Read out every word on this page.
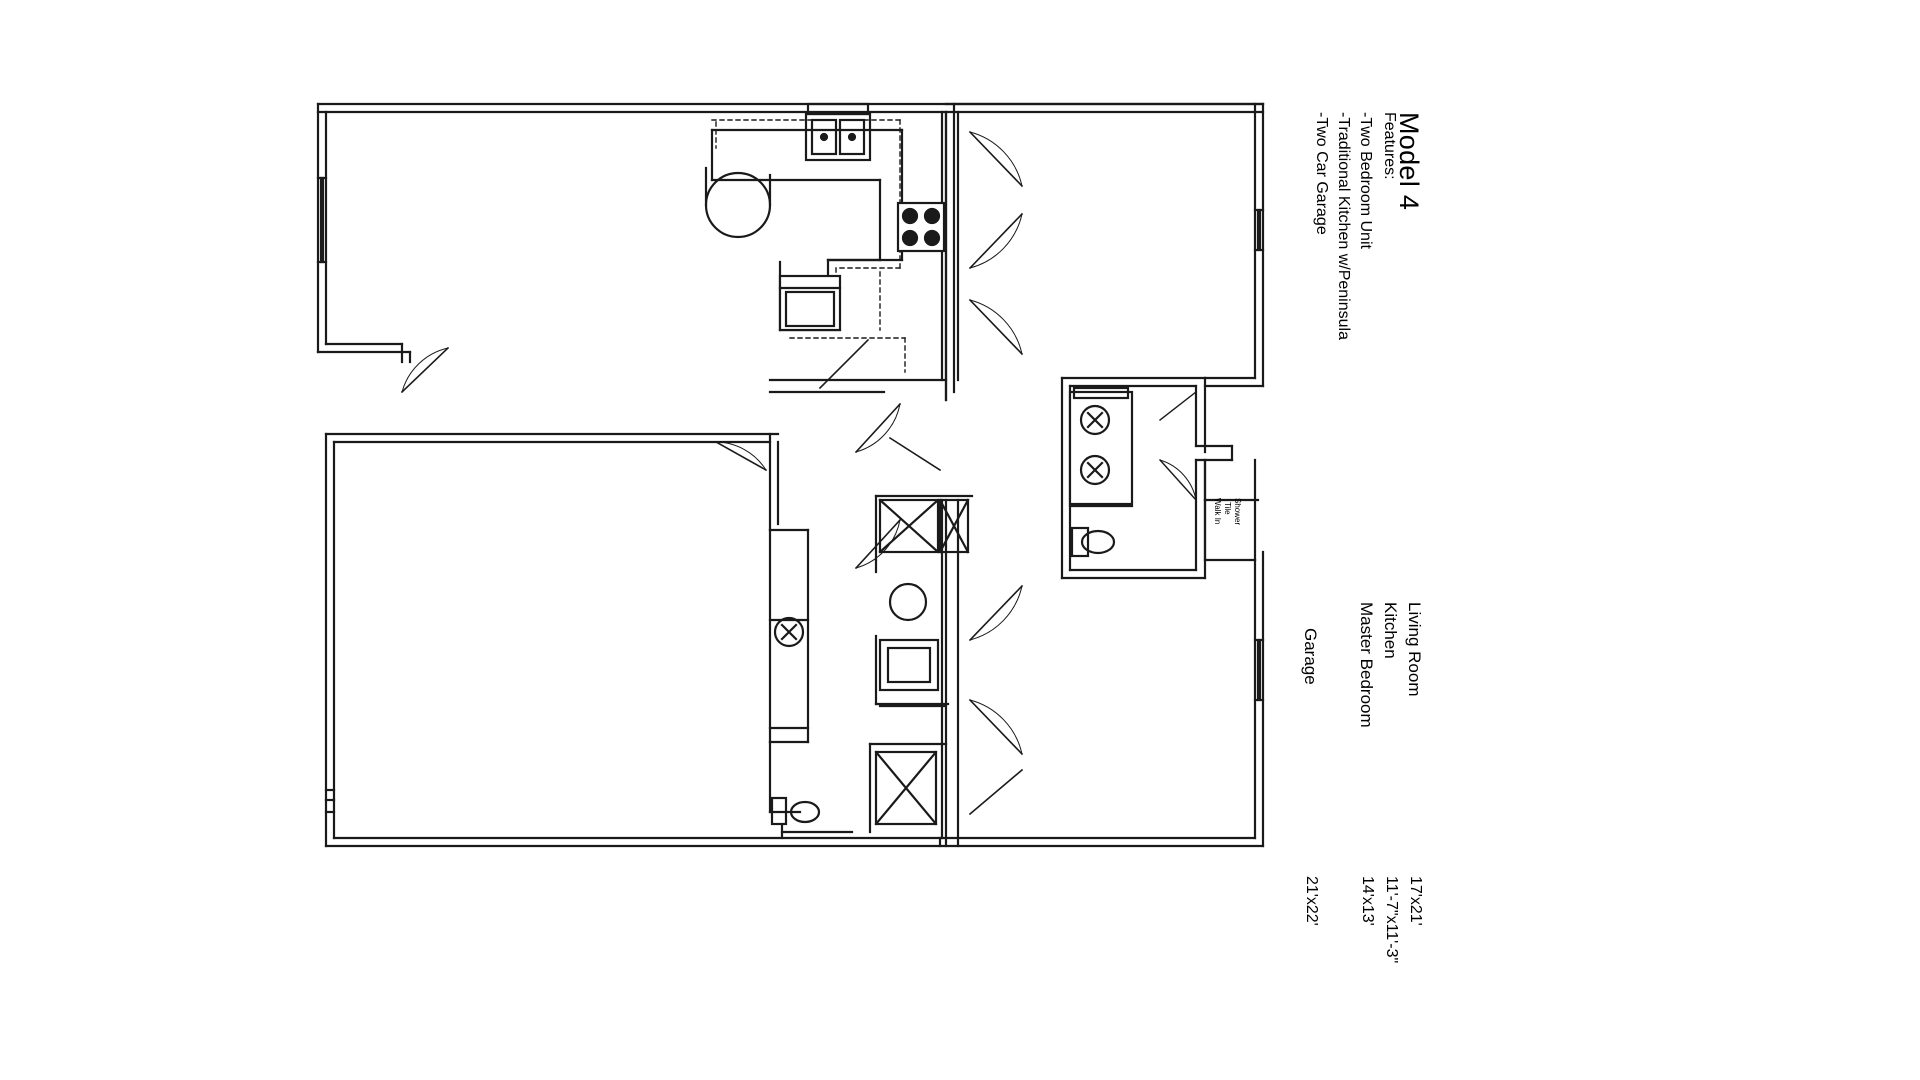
Model 4
Features:
-Two Bedroom Unit
-Traditional Kitchen w/Peninsula
-Two Car Garage
Living Room
Kitchen
Master Bedroom
Garage
17'x21'
11'-7"x11'-3"
14'x13'
21'x22'
Walk In Tile Shower
